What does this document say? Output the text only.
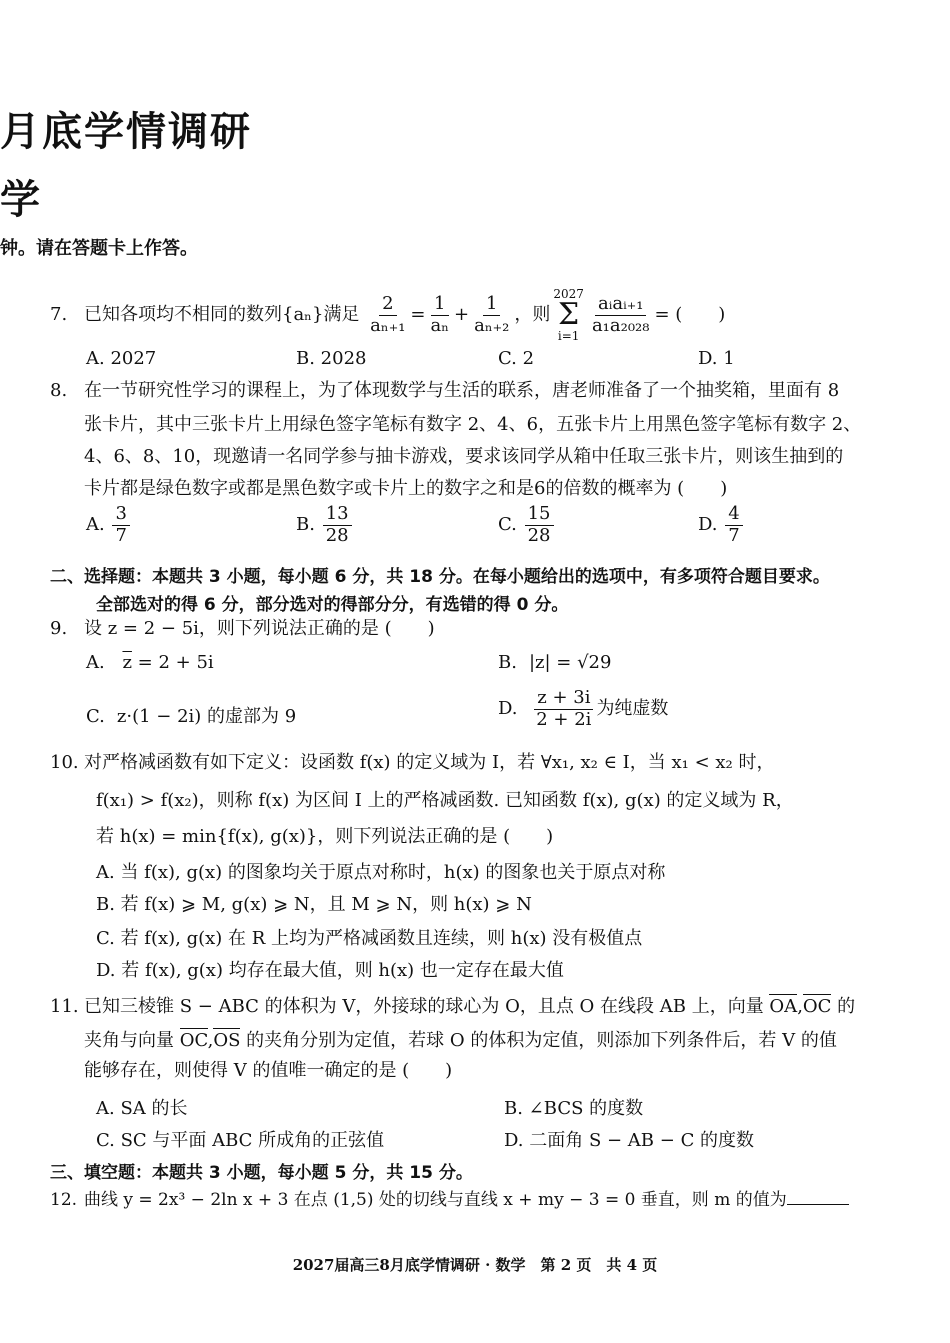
月底学情调研
学
钟。请在答题卡上作答。
7. 已知各项均不相同的数列{aₙ}满足 $\frac{2}{\text{aₙ₊₁}} = \frac{1}{\text{aₙ}} + \frac{1}{\text{aₙ₊₂}}$ ，则
2027
Σ
$i=1 \frac{\text{aᵢaᵢ₊₁}}{\text{a₁a₂₀₂₈}}$ = (　　)
A. 2027	B. 2028	C. 2	D. 1
8. 在一节研究性学习的课程上，为了体现数学与生活的联系，唐老师准备了一个抽奖箱，里面有 8
张卡片，其中三张卡片上用绿色签字笔标有数字 2、4、6，五张卡片上用黑色签字笔标有数字 2、
4、6、8、10，现邀请一名同学参与抽卡游戏，要求该同学从箱中任取三张卡片，则该生抽到的
卡片都是绿色数字或都是黑色数字或卡片上的数字之和是6的倍数的概率为 (　　)
A. $\frac{3}{7}$	B. $\frac{13}{28}$	C. $\frac{15}{28}$	D. $\frac{4}{7}$
二、选择题：本题共 3 小题，每小题 6 分，共 18 分。在每小题给出的选项中，有多项符合题目要求。
全部选对的得 6 分，部分选对的得部分分，有选错的得 0 分。
9. 设 z = 2 − 5i，则下列说法正确的是 (　　)
A. $\overline{z} = 2 + 5i$	B. |z| = √29
C. z·(1 − 2i) 的虚部为 9	D. $\frac{z + 3i}{2 + 2i}$ 为纯虚数
10. 对严格减函数有如下定义：设函数 f(x) 的定义域为 I，若 ∀x₁, x₂ ∈ I，当 x₁ < x₂ 时，
f(x₁) > f(x₂)，则称 f(x) 为区间 I 上的严格减函数. 已知函数 f(x), g(x) 的定义域为 R，
若 h(x) = min{f(x), g(x)}，则下列说法正确的是 (　　)
A. 当 f(x), g(x) 的图象均关于原点对称时，h(x) 的图象也关于原点对称
B. 若 f(x) ⩾ M, g(x) ⩾ N，且 M ⩾ N，则 h(x) ⩾ N
C. 若 f(x), g(x) 在 R 上均为严格减函数且连续，则 h(x) 没有极值点
D. 若 f(x), g(x) 均存在最大值，则 h(x) 也一定存在最大值
11. 已知三棱锥 S − ABC 的体积为 V，外接球的球心为 O，且点 O 在线段 AB 上，向量 OA,OC 的
夹角与向量 OC,OS 的夹角分别为定值，若球 O 的体积为定值，则添加下列条件后，若 V 的值
能够存在，则使得 V 的值唯一确定的是 (　　)
A. SA 的长	B. ∠BCS 的度数
C. SC 与平面 ABC 所成角的正弦值	D. 二面角 S − AB − C 的度数
三、填空题：本题共 3 小题，每小题 5 分，共 15 分。
12. 曲线 y = 2x³ − 2ln x + 3 在点 (1,5) 处的切线与直线 x + my − 3 = 0 垂直，则 m 的值为
2027届高三8月底学情调研 · 数学　第 2 页　共 4 页
